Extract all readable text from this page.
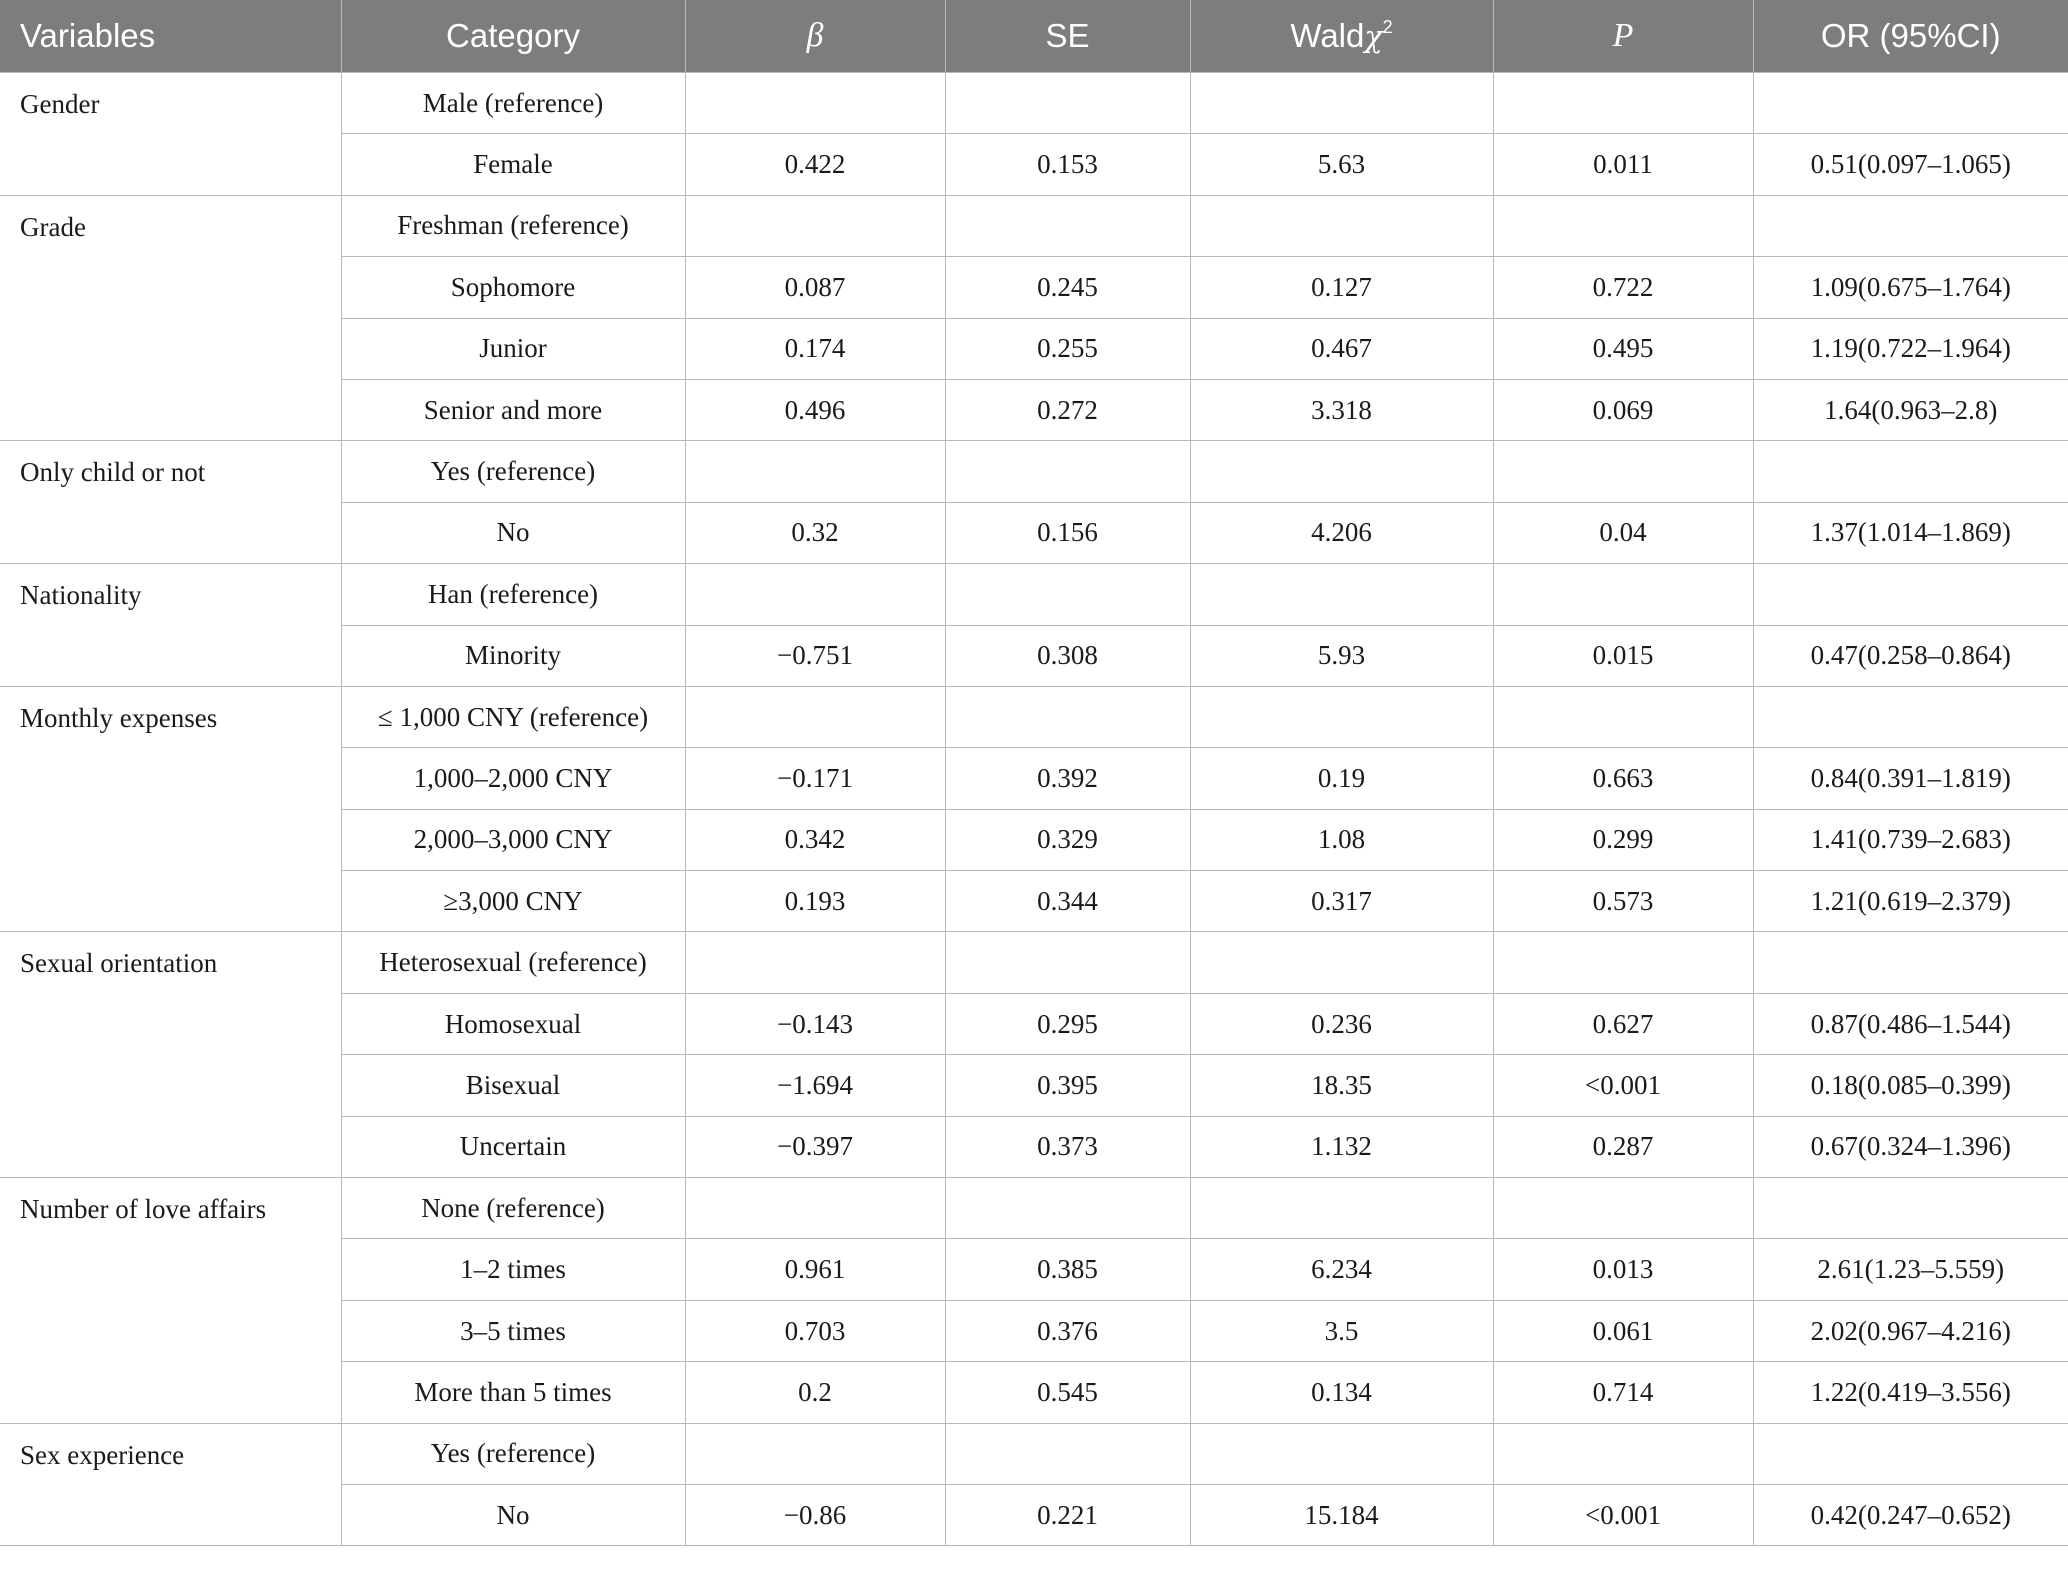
Variables	Category	β	SE	Waldχ$^2$	P	OR (95%CI)
Gender	Male (reference)					
	Female	0.422	0.153	5.63	0.011	0.51(0.097–1.065)
Grade	Freshman (reference)					
	Sophomore	0.087	0.245	0.127	0.722	1.09(0.675–1.764)
	Junior	0.174	0.255	0.467	0.495	1.19(0.722–1.964)
	Senior and more	0.496	0.272	3.318	0.069	1.64(0.963–2.8)
Only child or not	Yes (reference)					
	No	0.32	0.156	4.206	0.04	1.37(1.014–1.869)
Nationality	Han (reference)					
	Minority	−0.751	0.308	5.93	0.015	0.47(0.258–0.864)
Monthly expenses	≤ 1,000 CNY (reference)					
	1,000–2,000 CNY	−0.171	0.392	0.19	0.663	0.84(0.391–1.819)
	2,000–3,000 CNY	0.342	0.329	1.08	0.299	1.41(0.739–2.683)
	≥3,000 CNY	0.193	0.344	0.317	0.573	1.21(0.619–2.379)
Sexual orientation	Heterosexual (reference)					
	Homosexual	−0.143	0.295	0.236	0.627	0.87(0.486–1.544)
	Bisexual	−1.694	0.395	18.35	<0.001	0.18(0.085–0.399)
	Uncertain	−0.397	0.373	1.132	0.287	0.67(0.324–1.396)
Number of love affairs	None (reference)					
	1–2 times	0.961	0.385	6.234	0.013	2.61(1.23–5.559)
	3–5 times	0.703	0.376	3.5	0.061	2.02(0.967–4.216)
	More than 5 times	0.2	0.545	0.134	0.714	1.22(0.419–3.556)
Sex experience	Yes (reference)					
	No	−0.86	0.221	15.184	<0.001	0.42(0.247–0.652)
